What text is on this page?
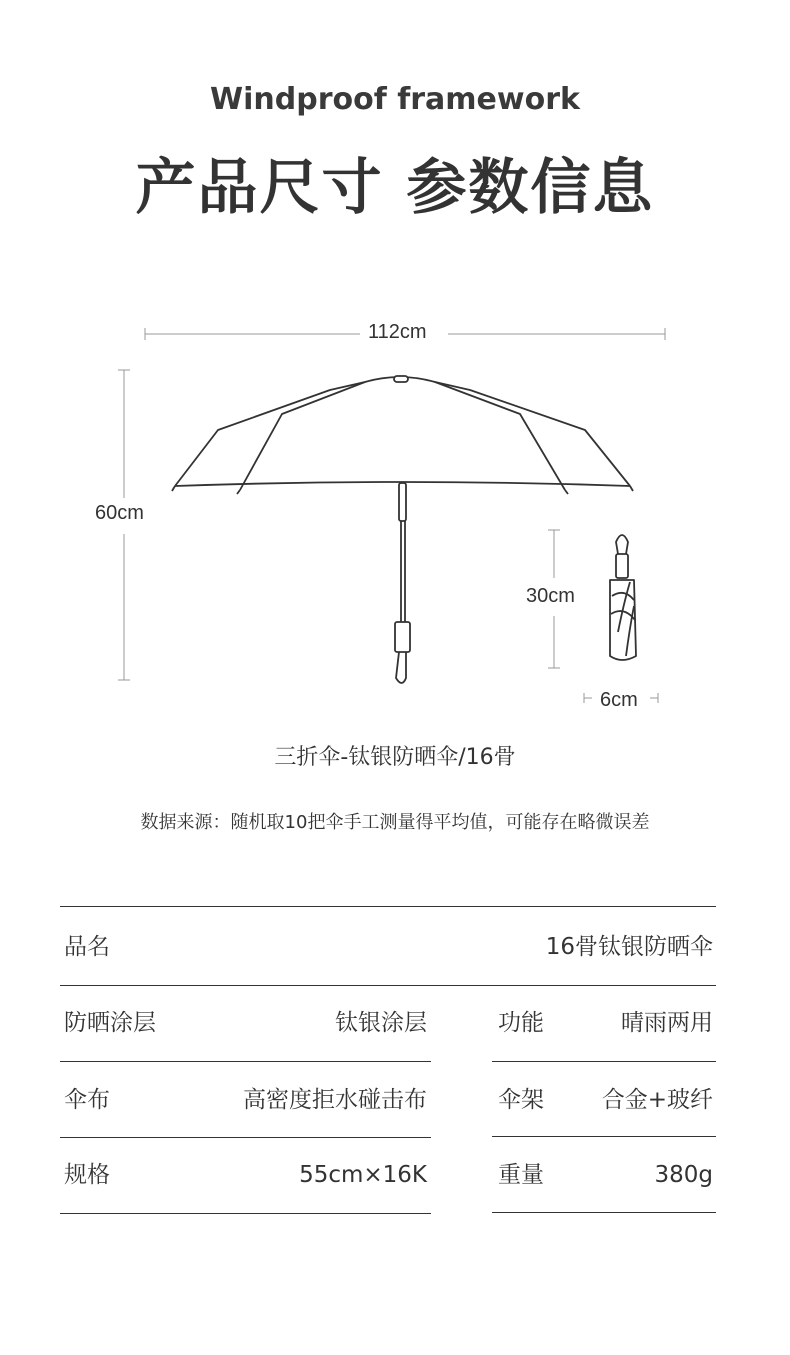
Windproof framework
产品尺寸 参数信息
112cm
60cm
30cm
6cm
三折伞-钛银防晒伞/16骨
数据来源：随机取10把伞手工测量得平均值，可能存在略微误差
品名	16骨钛银防晒伞
防晒涂层	钛银涂层	功能	晴雨两用
伞布	高密度拒水碰击布	伞架	合金+玻纤
规格	55cm×16K	重量	380g
